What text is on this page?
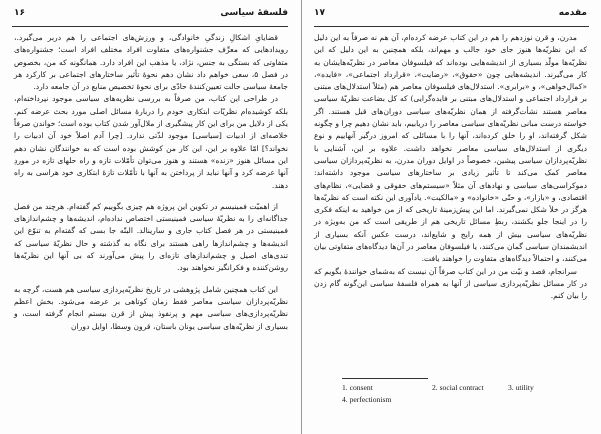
۱۶	فلسفهٔ سیاسی

قضایایِ اشکالِ زندگیِ خانوادگی، و ورزش‌های اجتماعی را هم دربر می‌گیرد.، رویدادهایی که معرِّف جشنواره‌های متفاوت افراد مختلف افراد است؛ جشنواره‌های متفاوتی که بستگی به جنس، نژاد، یا مذهب این افراد دارد. همانگونه که من، بخصوص در فصل ۵، سعی خواهم داد نشان دهم نحوهٔ تأثیر ساختارهای اجتماعی بر کارکرد هر جامعهٔ سیاسی حالت تعیین‌کنندهٔ حادّی برای نحوهٔ تخصیص منابع در آن جامعه دارد.

در طراحی این کتاب، من صرفاً به بررسی نظریه‌های سیاسی موجود نپرداخته‌ام، بلکه کوشیده‌ام نظریّات ابتکاری خودم را دربارهٔ مسائل اصلی مورد بحث عرضه کنم. یکی از دلایل من برای این کار پیشگیری از ملال‌آور شدن کتاب بوده است؛ خواندن صرفاً خلاصه‌ای از ادبیات [سیاسی] موجود لذّتی ندارد. [چرا آدم اصلاً خود آن ادبیات را نخواند؟] امّا علاوه بر این، این کار من کوشش بوده است که به خوانندگان نشان دهم این مسائل هنوز «زنده» هستند و هنوز می‌توان تأمّلات تازه و راه حلهای تازه در موردِ آنها عرضه کرد و آنها نباید از پرداختن به آنها با تأمّلات تازهٔ ابتکاری خود هراسی به راه دهند.

از اهمیّت فمینیسم در تکوین این پروژه هم چیزی بگوییم کم گفته‌ام. هرچند من فصل جداگانه‌ای را به نظریّهٔ سیاسی فمینیستی اختصاص نداده‌ام، اندیشه‌ها و چشم‌اندازهای فمینیستی در هر فصل کتاب جاری و سارینالد. البتّه جا بسی که گفته‌ام به تنوّع این اندیشه‌ها و چشم‌اندازها راهی هستند برای نگاه به گذشته و حال نظریّهٔ سیاسی که تندی‌های اصیل و چشم‌اندازهای تازه‌ای را پیش می‌آورند که بی آنها این نظریّه‌ها روشن‌کننده و فکرانگیز نخواهند بود.

این کتاب همچنین شامل پژوهشی در تاریخ نظریّه‌پردازی سیاسی هم هست، گرچه به نظریّه‌پردازان سیاسی معاصر فقط زمان کوتاهی بر عرضه می‌شود. بخش اعظم نظریّه‌پردازی‌های سیاسی مهم و پرنفوذ پیش از قرن بیستم انجام گرفته است، و بسیاری از نظریّه‌های سیاسی یونان باستان، قرون وسطا، اوایل دوران

۱۷	مقدمه

مدرن، و قرن نوزدهم را هم در این کتاب عرضه کرده‌ام، آن هم نه صرفاً به این دلیل که این نظریّه‌ها هنوز جای خود جالب و مهم‌اند، بلکه همچنین به این دلیل که این نظریّه‌ها مولّد بسیاری از اندیشه‌هایی بوده‌اند که فیلسوفان معاصر در نظریّه‌هایشان به کار می‌گیرند. اندیشه‌هایی چون «حقوق»، «رضایت»، «قرارداد اجتماعی»، «فایده»، «کمال‌خواهی»، و «برابری». استدلال‌های فیلسوفان معاصر هم (مثلاً استدلال‌های مبتنی بر قرارداد اجتماعی و استدلال‌های مبتنی بر فایده‌گرایی) که کل بضاعت نظریّهٔ سیاسی معاصر هستند نشأت‌گرفته از همان نظریّه‌های سیاسی دوران‌های قبل هستند. اگر خواسته درست مبانی نظریّه‌های سیاسی معاصر را دریابیم، باید نشان دهیم چرا و چگونه شکل گرفته‌اند، او را خلق کرده‌اند، آنها را با مسائلی که امروز درگیر آنهاییم و نوع دیگری از استدلال‌های سیاسی معاصر نخواهد داشت. علاوه بر این، آشنایی با نظریّه‌پردازان سیاسی پیشین، خصوصاً در اوایل دوران مدرن، به نظریّه‌پردازان سیاسی معاصر کمک می‌کند تا تأثیر زیادی بر ساختارهای سیاسی موجود داشته‌اند: دموکراسی‌های سیاسی و نهادهای آن مثلاً «سیستم‌های حقوقی و قضایی»، نظام‌های اقتصادی، و «بازار»، و حتّی «خانواده» و «مالکیت». یادآوری این نکته است که نظریّه‌ها هرگز در خلأ شکل نمی‌گیرند. اما این پیش‌زمینهٔ تاریخی که از من خواهید به اینکه فکری را در اینجا جلو بکشند، ربطِ مسائل تاریخی هم از طریقی است که من به‌ویژه در نظریّه‌های سیاسی بیش از همه رایج و شایع‌اند، درست عکس آنکه بسیاری از اندیشمندان سیاسی گمان می‌کنند، یا فیلسوفان معاصر در آن‌ها دیدگاه‌های متفاوتی بیان می‌کنند، و احتمالاً دیدگاه‌های متفاوت را خواهند یافت.

سرانجام، قصد و نیّت من در این کتاب صرفاً آن نیست که به‌شمای خوانندهٔ بگویم که در کار مسائل نظریّه‌پردازی سیاسی از آنها به همراه فلسفهٔ سیاسی این‌گونه گام زدن را بیان کنم.

1. consent	2. social contract	3. utility
4. perfectionism
